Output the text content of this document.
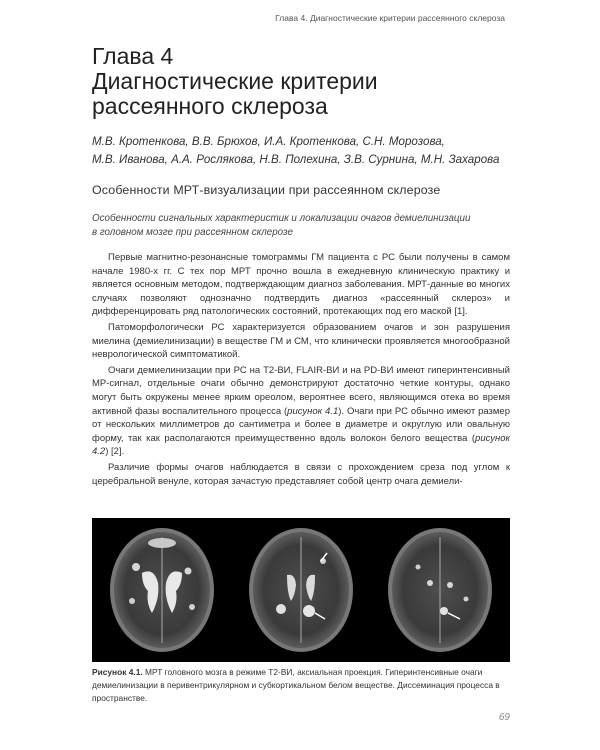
Глава 4. Диагностические критерии рассеянного склероза
Глава 4
Диагностические критерии
рассеянного склероза
М.В. Кротенкова, В.В. Брюхов, И.А. Кротенкова, С.Н. Морозова,
М.В. Иванова, А.А. Рослякова, Н.В. Полехина, З.В. Сурнина, М.Н. Захарова
Особенности МРТ-визуализации при рассеянном склерозе
Особенности сигнальных характеристик и локализации очагов демиелинизации
в головном мозге при рассеянном склерозе

Первые магнитно-резонансные томограммы ГМ пациента с РС были получены в самом начале 1980-х гг. С тех пор МРТ прочно вошла в ежедневную клиническую практику и является основным методом, подтверждающим диагноз заболевания. МРТ-данные во многих случаях позволяют однозначно подтвердить диагноз «рассеянный склероз» и дифференцировать ряд патологических состояний, протекающих под его маской [1].

Патоморфологически РС характеризуется образованием очагов и зон разрушения миелина (демиелинизации) в веществе ГМ и СМ, что клинически проявляется многообразной неврологической симптоматикой.

Очаги демиелинизации при РС на Т2-ВИ, FLAIR-ВИ и на PD-ВИ имеют гиперинтенсивный МР-сигнал, отдельные очаги обычно демонстрируют достаточно четкие контуры, однако могут быть окружены менее ярким ореолом, вероятнее всего, являющимся отека во время активной фазы воспалительного процесса (рисунок 4.1). Очаги при РС обычно имеют размер от нескольких миллиметров до сантиметра и более в диаметре и округлую или овальную форму, так как располагаются преимущественно вдоль волокон белого вещества (рисунок 4.2) [2].

Различие формы очагов наблюдается в связи с прохождением среза под углом к церебральной венуле, которая зачастую представляет собой центр очага демиели-

Рисунок 4.1. МРТ головного мозга в режиме Т2-ВИ, аксиальная проекция. Гиперинтенсивные очаги демиелинизации в перивентрикулярном и субкортикальном белом веществе. Диссеминация процесса в пространстве.
69
